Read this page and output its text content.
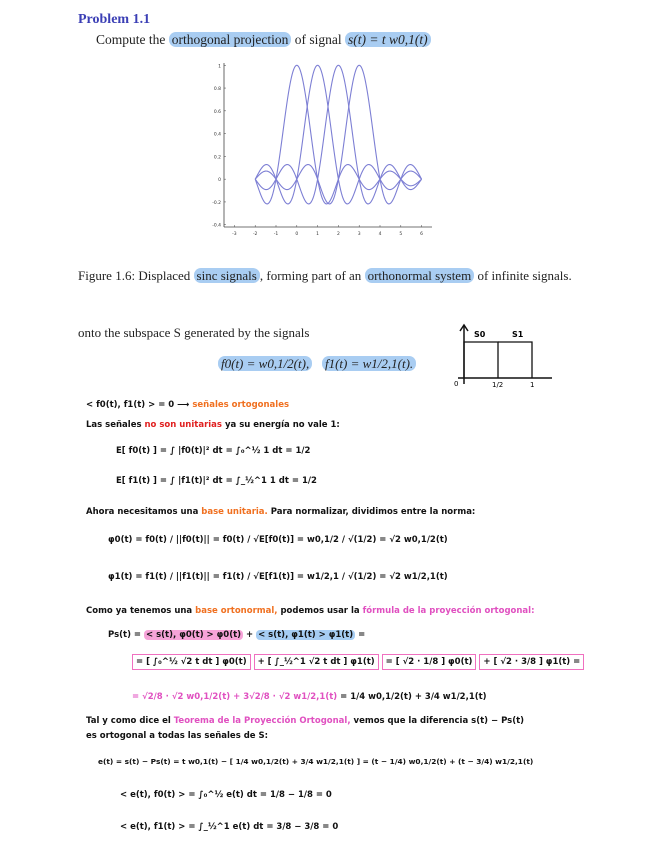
Problem 1.1
Compute the orthogonal projection of signal s(t) = t w0,1(t)
1
0.8
0.6
0.4
0.2
0
-0.2
-0.4
-3	-2	-1	0	1	2	3	4	5	6
Figure 1.6: Displaced sinc signals , forming part of an orthonormal system of infinite signals.
onto the subspace S generated by the signals
f0(t) = w0,1/2(t), f1(t) = w1/2,1(t).
S0	S1
0	1/2	1
< f0(t), f1(t) > = 0 ⟶ señales ortogonales
Las señales no son unitarias ya su energía no vale 1:
E[ f0(t) ] = ∫ |f0(t)|² dt = ∫₀^½ 1 dt = 1/2
E[ f1(t) ] = ∫ |f1(t)|² dt = ∫_½^1 1 dt = 1/2
Ahora necesitamos una base unitaria. Para normalizar, dividimos entre la norma:
φ0(t) = f0(t) / ||f0(t)|| = f0(t) / √E[f0(t)] = w0,1/2 / √(1/2) = √2 w0,1/2(t)
φ1(t) = f1(t) / ||f1(t)|| = f1(t) / √E[f1(t)] = w1/2,1 / √(1/2) = √2 w1/2,1(t)
Como ya tenemos una base ortonormal, podemos usar la fórmula de la proyección ortogonal:
Ps(t) = < s(t), φ0(t) > φ0(t) + < s(t), φ1(t) > φ1(t) =
= [ ∫₀^½ √2 t dt ] φ0(t) + [ ∫_½^1 √2 t dt ] φ1(t) = [ √2 · 1/8 ] φ0(t) + [ √2 · 3/8 ] φ1(t) =
= √2/8 · √2 w0,1/2(t) + 3√2/8 · √2 w1/2,1(t) = 1/4 w0,1/2(t) + 3/4 w1/2,1(t)
Tal y como dice el Teorema de la Proyección Ortogonal, vemos que la diferencia s(t) − Ps(t)
es ortogonal a todas las señales de S:
e(t) = s(t) − Ps(t) = t w0,1(t) − [ 1/4 w0,1/2(t) + 3/4 w1/2,1(t) ] = (t − 1/4) w0,1/2(t) + (t − 3/4) w1/2,1(t)
< e(t), f0(t) > = ∫₀^½ e(t) dt = 1/8 − 1/8 = 0
< e(t), f1(t) > = ∫_½^1 e(t) dt = 3/8 − 3/8 = 0
